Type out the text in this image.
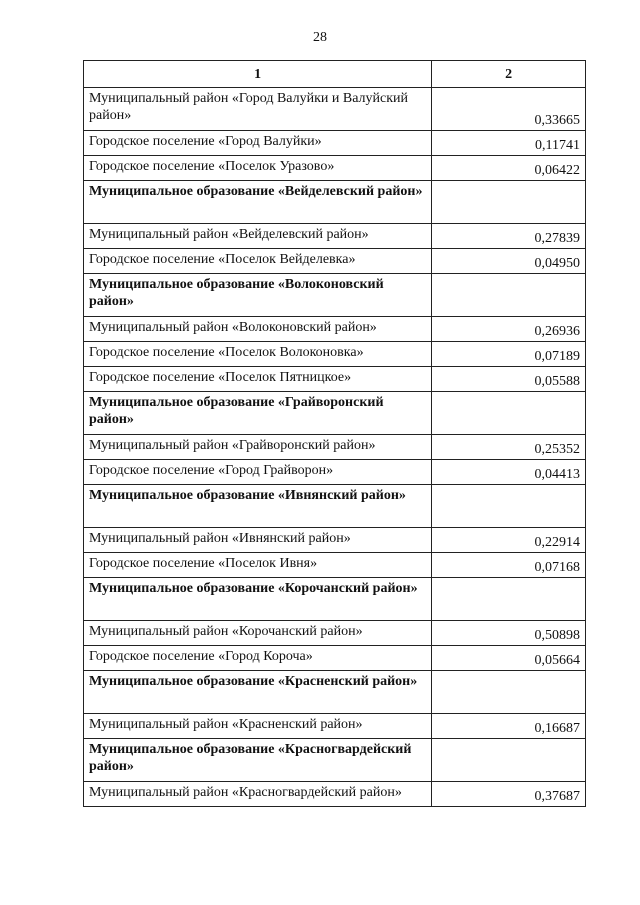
28
1	2
Муниципальный район «Город Валуйки и Валуйский район»	0,33665
Городское поселение «Город Валуйки»	0,11741
Городское поселение «Поселок Уразово»	0,06422
Муниципальное образование «Вейделевский район»	
Муниципальный район «Вейделевский район»	0,27839
Городское поселение «Поселок Вейделевка»	0,04950
Муниципальное образование «Волоконовский район»	
Муниципальный район «Волоконовский район»	0,26936
Городское поселение «Поселок Волоконовка»	0,07189
Городское поселение «Поселок Пятницкое»	0,05588
Муниципальное образование «Грайворонский район»	
Муниципальный район «Грайворонский район»	0,25352
Городское поселение «Город Грайворон»	0,04413
Муниципальное образование «Ивнянский район»	
Муниципальный район «Ивнянский район»	0,22914
Городское поселение «Поселок Ивня»	0,07168
Муниципальное образование «Корочанский район»	
Муниципальный район «Корочанский район»	0,50898
Городское поселение «Город Короча»	0,05664
Муниципальное образование «Красненский район»	
Муниципальный район «Красненский район»	0,16687
Муниципальное образование «Красногвардейский район»	
Муниципальный район «Красногвардейский район»	0,37687
